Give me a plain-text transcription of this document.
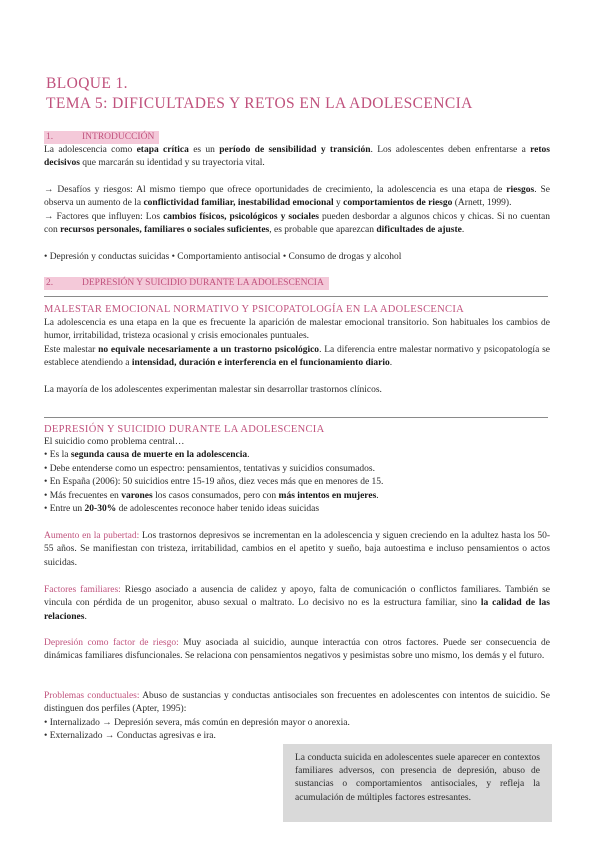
BLOQUE 1.
TEMA 5: DIFICULTADES Y RETOS EN LA ADOLESCENCIA
1.	INTRODUCCIÓN

La adolescencia como etapa crítica es un período de sensibilidad y transición. Los adolescentes deben enfrentarse a retos decisivos que marcarán su identidad y su trayectoria vital.

→ Desafíos y riesgos: Al mismo tiempo que ofrece oportunidades de crecimiento, la adolescencia es una etapa de riesgos. Se observa un aumento de la conflictividad familiar, inestabilidad emocional y comportamientos de riesgo (Arnett, 1999).

→ Factores que influyen: Los cambios físicos, psicológicos y sociales pueden desbordar a algunos chicos y chicas. Si no cuentan con recursos personales, familiares o sociales suficientes, es probable que aparezcan dificultades de ajuste.

• Depresión y conductas suicidas • Comportamiento antisocial • Consumo de drogas y alcohol

2.	DEPRESIÓN Y SUICIDIO DURANTE LA ADOLESCENCIA
MALESTAR EMOCIONAL NORMATIVO Y PSICOPATOLOGÍA EN LA ADOLESCENCIA

La adolescencia es una etapa en la que es frecuente la aparición de malestar emocional transitorio. Son habituales los cambios de humor, irritabilidad, tristeza ocasional y crisis emocionales puntuales.

Este malestar no equivale necesariamente a un trastorno psicológico. La diferencia entre malestar normativo y psicopatología se establece atendiendo a intensidad, duración e interferencia en el funcionamiento diario.

La mayoría de los adolescentes experimentan malestar sin desarrollar trastornos clínicos.

DEPRESIÓN Y SUICIDIO DURANTE LA ADOLESCENCIA

El suicidio como problema central…
• Es la segunda causa de muerte en la adolescencia.
• Debe entenderse como un espectro: pensamientos, tentativas y suicidios consumados.
• En España (2006): 50 suicidios entre 15-19 años, diez veces más que en menores de 15.
• Más frecuentes en varones los casos consumados, pero con más intentos en mujeres.
• Entre un 20-30% de adolescentes reconoce haber tenido ideas suicidas

Aumento en la pubertad: Los trastornos depresivos se incrementan en la adolescencia y siguen creciendo en la adultez hasta los 50-55 años. Se manifiestan con tristeza, irritabilidad, cambios en el apetito y sueño, baja autoestima e incluso pensamientos o actos suicidas.

Factores familiares: Riesgo asociado a ausencia de calidez y apoyo, falta de comunicación o conflictos familiares. También se vincula con pérdida de un progenitor, abuso sexual o maltrato. Lo decisivo no es la estructura familiar, sino la calidad de las relaciones.

Depresión como factor de riesgo: Muy asociada al suicidio, aunque interactúa con otros factores. Puede ser consecuencia de dinámicas familiares disfuncionales. Se relaciona con pensamientos negativos y pesimistas sobre uno mismo, los demás y el futuro.

Problemas conductuales: Abuso de sustancias y conductas antisociales son frecuentes en adolescentes con intentos de suicidio. Se distinguen dos perfiles (Apter, 1995):
• Internalizado → Depresión severa, más común en depresión mayor o anorexia.
• Externalizado → Conductas agresivas e ira.

La conducta suicida en adolescentes suele aparecer en contextos familiares adversos, con presencia de depresión, abuso de sustancias o comportamientos antisociales, y refleja la acumulación de múltiples factores estresantes.
